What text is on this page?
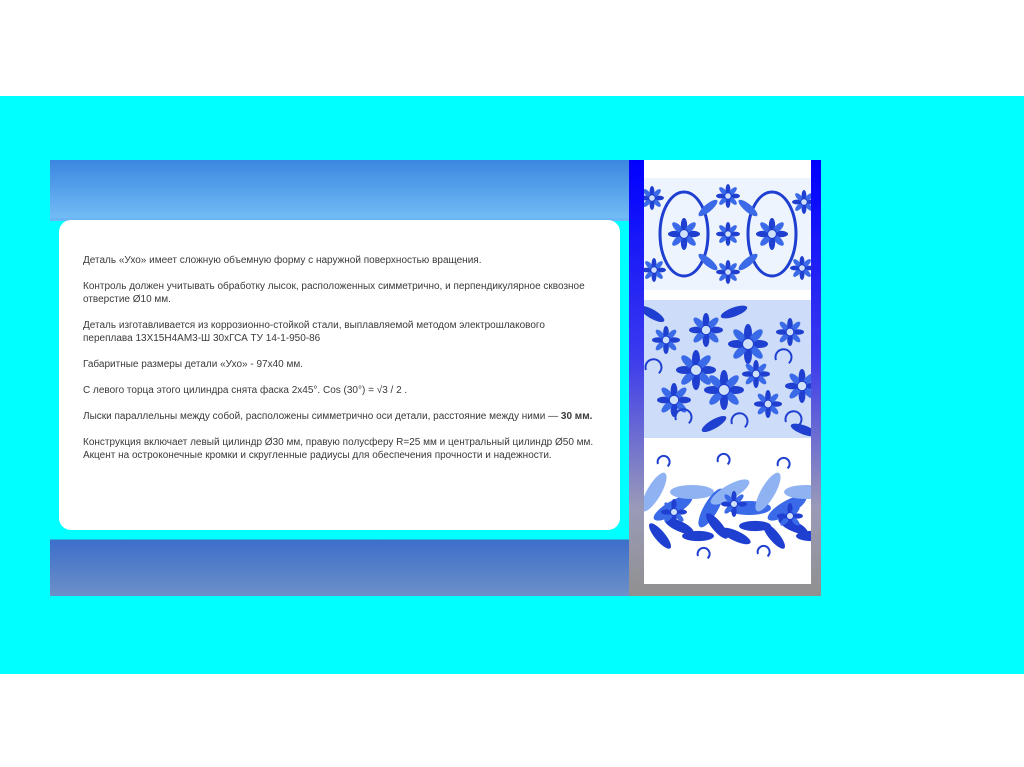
Деталь «Ухо» имеет сложную объемную форму с наружной поверхностью вращения.

Контроль должен учитывать обработку лысок, расположенных симметрично, и перпендикулярное сквозное отверстие Ø10 мм.

Деталь изготавливается из коррозионно-стойкой стали, выплавляемой методом электрошлакового переплава 13Х15Н4АМ3-Ш 30хГСА ТУ 14-1-950-86

Габаритные размеры детали «Ухо» - 97х40 мм.

С левого торца этого цилиндра снята фаска 2х45°. Cos (30°) = √3 / 2 .

Лыски параллельны между собой, расположены симметрично оси детали, расстояние между ними — 30 мм.

Конструкция включает левый цилиндр Ø30 мм, правую полусферу R=25 мм и центральный цилиндр Ø50 мм. Акцент на остроконечные кромки и скругленные радиусы для обеспечения прочности и надежности.
